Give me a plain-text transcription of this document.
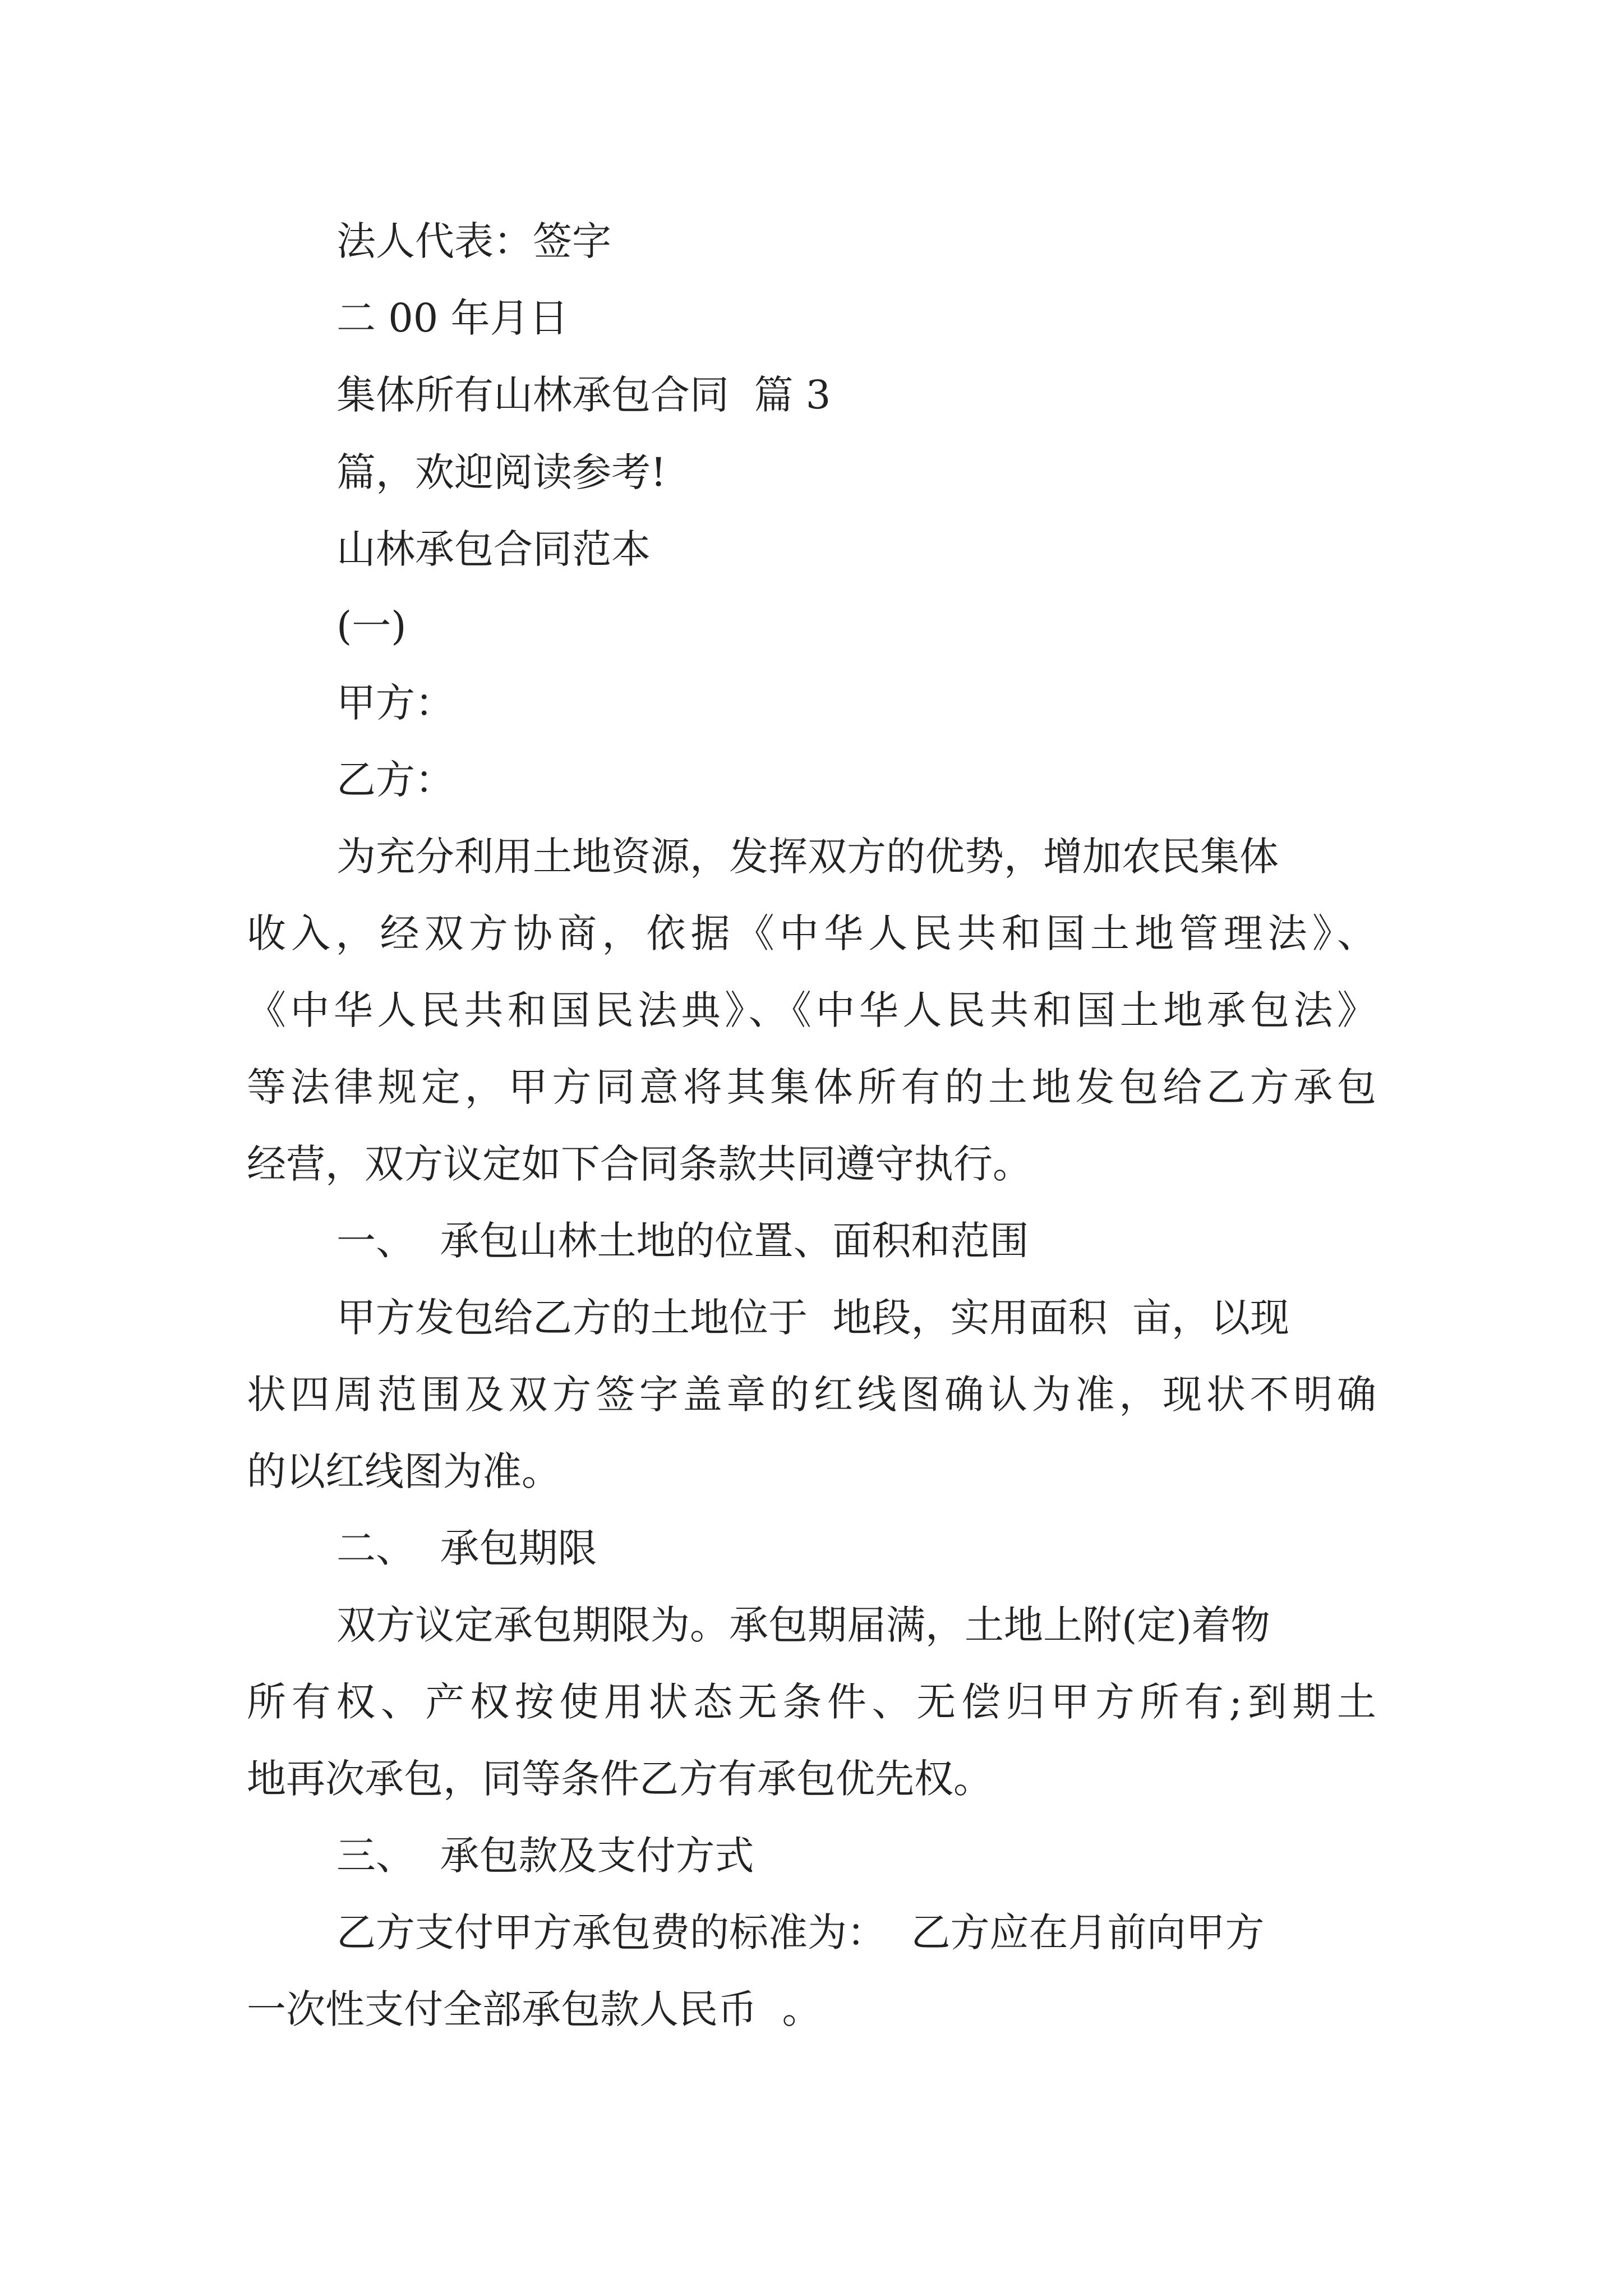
法人代表：签字
二 00 年月日
集体所有山林承包合同  篇 3
篇，欢迎阅读参考!
山林承包合同范本
(一)
甲方：
乙方：
为充分利用土地资源，发挥双方的优势，增加农民集体
收入，经双方协商，依据《中华人民共和国土地管理法》、
《中华人民共和国民法典》、《中华人民共和国土地承包法》
等法律规定，甲方同意将其集体所有的土地发包给乙方承包
经营，双方议定如下合同条款共同遵守执行。
一、  承包山林土地的位置、面积和范围
甲方发包给乙方的土地位于  地段，实用面积  亩，以现
状四周范围及双方签字盖章的红线图确认为准，现状不明确
的以红线图为准。
二、  承包期限
双方议定承包期限为。承包期届满，土地上附(定)着物
所有权、产权按使用状态无条件、无偿归甲方所有;到期土
地再次承包，同等条件乙方有承包优先权。
三、  承包款及支付方式
乙方支付甲方承包费的标准为：  乙方应在月前向甲方
一次性支付全部承包款人民币  。
